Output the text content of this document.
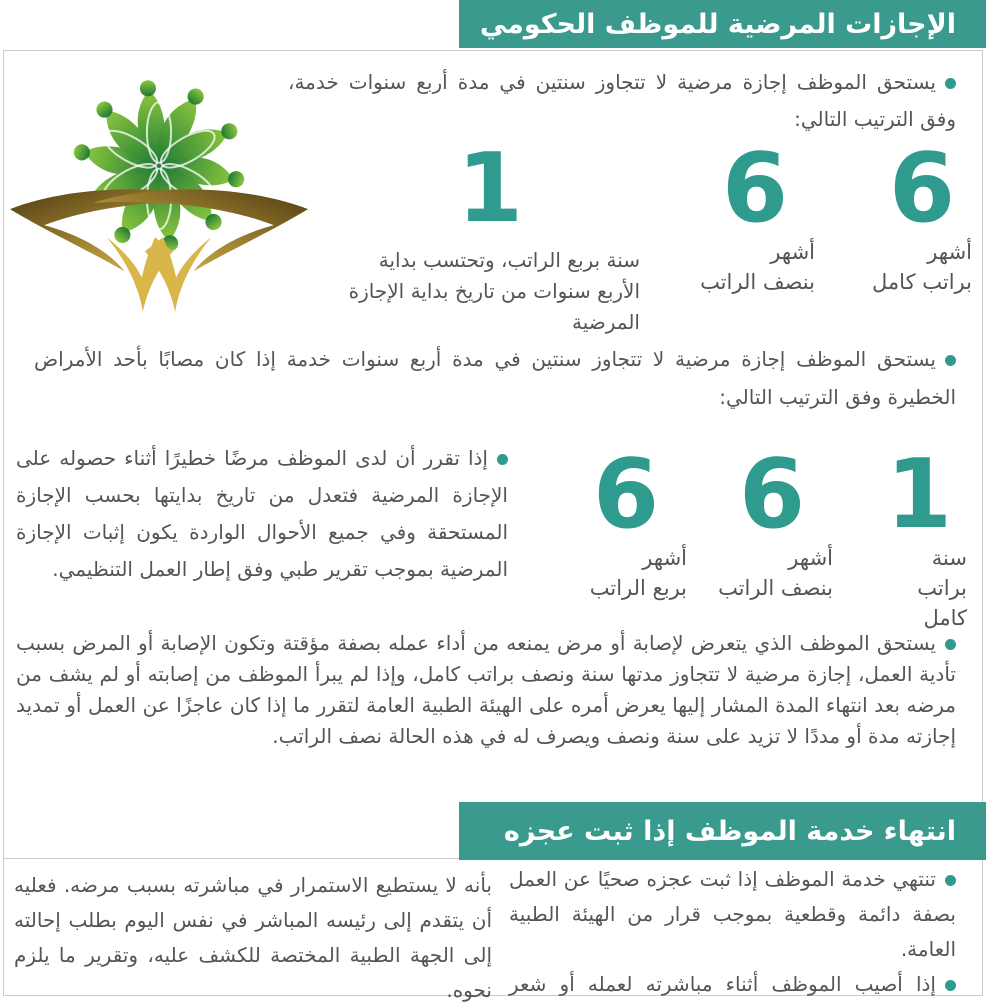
الإجازات المرضية للموظف الحكومي

يستحق الموظف إجازة مرضية لا تتجاوز سنتين في مدة أربع سنوات خدمة، وفق الترتيب التالي:

6
أشهر
براتب كامل
6
أشهر
بنصف الراتب
1
سنة بربع الراتب، وتحتسب بداية الأربع سنوات من تاريخ بداية الإجازة المرضية

يستحق الموظف إجازة مرضية لا تتجاوز سنتين في مدة أربع سنوات خدمة إذا كان مصابًا بأحد الأمراض الخطيرة وفق الترتيب التالي:

1
سنة
براتب كامل
6
أشهر
بنصف الراتب
6
أشهر
بربع الراتب

إذا تقرر أن لدى الموظف مرضًا خطيرًا أثناء حصوله على الإجازة المرضية فتعدل من تاريخ بدايتها بحسب الإجازة المستحقة وفي جميع الأحوال الواردة يكون إثبات الإجازة المرضية بموجب تقرير طبي وفق إطار العمل التنظيمي.

يستحق الموظف الذي يتعرض لإصابة أو مرض يمنعه من أداء عمله بصفة مؤقتة وتكون الإصابة أو المرض بسبب تأدية العمل، إجازة مرضية لا تتجاوز مدتها سنة ونصف براتب كامل، وإذا لم يبرأ الموظف من إصابته أو لم يشف من مرضه بعد انتهاء المدة المشار إليها يعرض أمره على الهيئة الطبية العامة لتقرر ما إذا كان عاجزًا عن العمل أو تمديد إجازته مدة أو مددًا لا تزيد على سنة ونصف ويصرف له في هذه الحالة نصف الراتب.

انتهاء خدمة الموظف إذا ثبت عجزه

تنتهي خدمة الموظف إذا ثبت عجزه صحيًا عن العمل بصفة دائمة وقطعية بموجب قرار من الهيئة الطبية العامة.

إذا أصيب الموظف أثناء مباشرته لعمله أو شعر

بأنه لا يستطيع الاستمرار في مباشرته بسبب مرضه. فعليه أن يتقدم إلى رئيسه المباشر في نفس اليوم بطلب إحالته إلى الجهة الطبية المختصة للكشف عليه، وتقرير ما يلزم نحوه.
